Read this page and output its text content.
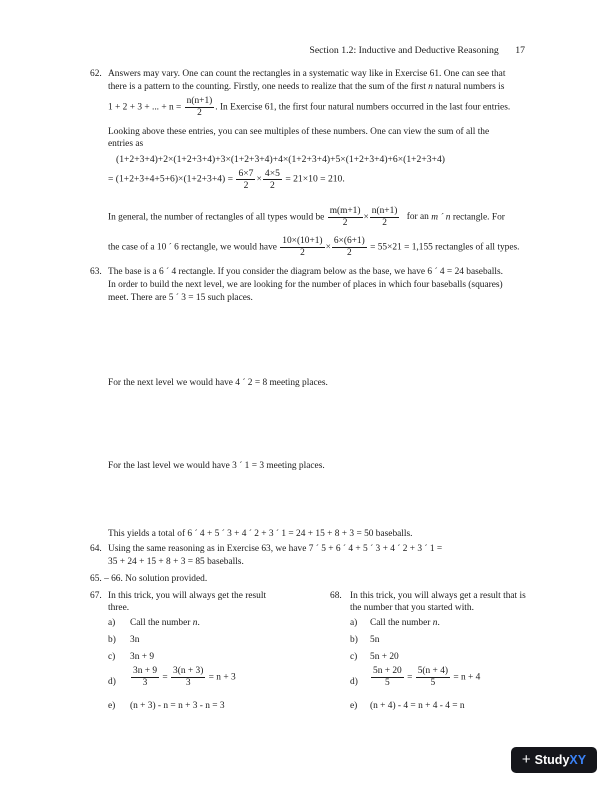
Section 1.2: Inductive and Deductive Reasoning 17
62. Answers may vary. One can count the rectangles in a systematic way like in Exercise 61. One can see that
there is a pattern to the counting. Firstly, one needs to realize that the sum of the first n natural numbers is
1 + 2 + 3 + ... + $n = \frac{n(n+1)}{2}$ . In Exercise 61, the first four natural numbers occurred in the last four entries.
Looking above these entries, you can see multiples of these numbers. One can view the sum of all the
entries as
(1+2+3+4)+2×(1+2+3+4)+3×(1+2+3+4)+4×(1+2+3+4)+5×(1+2+3+4)+6×(1+2+3+4)
= $(1+2+3+4+5+6)\times(1+2+3+4) = \frac{6\times 7}{2} \times \frac{4\times 5}{2} = 21\times 10 = 210$.
In general, the number of rectangles of all types would be $\frac{m(m+1)}{2} \times \frac{n(n+1)}{2}$ for an m ´ n rectangle. For
the case of a 10 ´ 6 rectangle, we would have $\frac{10\times(10+1)}{2} \times \frac{6\times(6+1)}{2} = 55\times 21 = 1,155$ rectangles of all types.
63. The base is a 6 ´ 4 rectangle. If you consider the diagram below as the base, we have 6 ´ 4 = 24 baseballs.
In order to build the next level, we are looking for the number of places in which four baseballs (squares)
meet. There are 5 ´ 3 = 15 such places.
For the next level we would have 4 ´ 2 = 8 meeting places.
For the last level we would have 3 ´ 1 = 3 meeting places.
This yields a total of 6 ´ 4 + 5 ´ 3 + 4 ´ 2 + 3 ´ 1 = 24 + 15 + 8 + 3 = 50 baseballs.
64. Using the same reasoning as in Exercise 63, we have 7 ´ 5 + 6 ´ 4 + 5 ´ 3 + 4 ´ 2 + 3 ´ 1 =
35 + 24 + 15 + 8 + 3 = 85 baseballs.
65. – 66. No solution provided.
67. In this trick, you will always get the result
three.
a) Call the number n.
b) 3n
c) 3n + 9
$d) \frac{3n + 9}{3} = \frac{3(n + 3)}{3} = n + 3$
e) (n + 3) - n = n + 3 - n = 3
68. In this trick, you will always get a result that is
the number that you started with.
a) Call the number n.
b) 5n
c) 5n + 20
$d) \frac{5n + 20}{5} = \frac{5(n + 4)}{5} = n + 4$
e) (n + 4) - 4 = n + 4 - 4 = n
+ Study XY
